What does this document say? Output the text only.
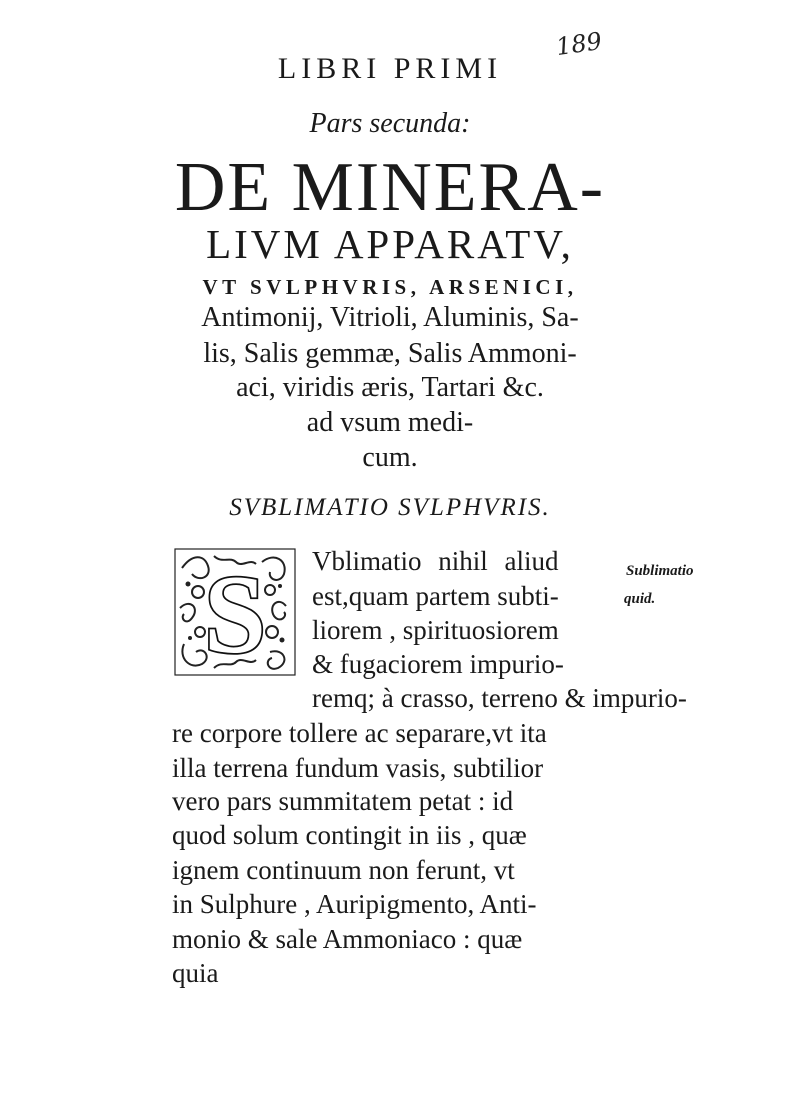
189
LIBRI PRIMI
Pars secunda:
DE MINERA-
LIVM APPARATV,
VT SVLPHVRIS, ARSENICI,
Antimonij, Vitrioli, Aluminis, Sa-
lis, Salis gemmæ, Salis Ammoni-
aci, viridis æris, Tartari &c.
ad vsum medi-
cum.
SVBLIMATIO SVLPHVRIS.
S Vblimatio nihil aliud
est,quam partem subti-
liorem , spirituosiorem
& fugaciorem impurio-
remq; à crasso, terreno & impurio-
re corpore tollere ac separare,vt ita
illa terrena fundum vasis, subtilior
vero pars summitatem petat : id
quod solum contingit in iis , quæ
ignem continuum non ferunt, vt
in Sulphure , Auripigmento, Anti-
monio & sale Ammoniaco : quæ
quia
Sublimatio
quid.
